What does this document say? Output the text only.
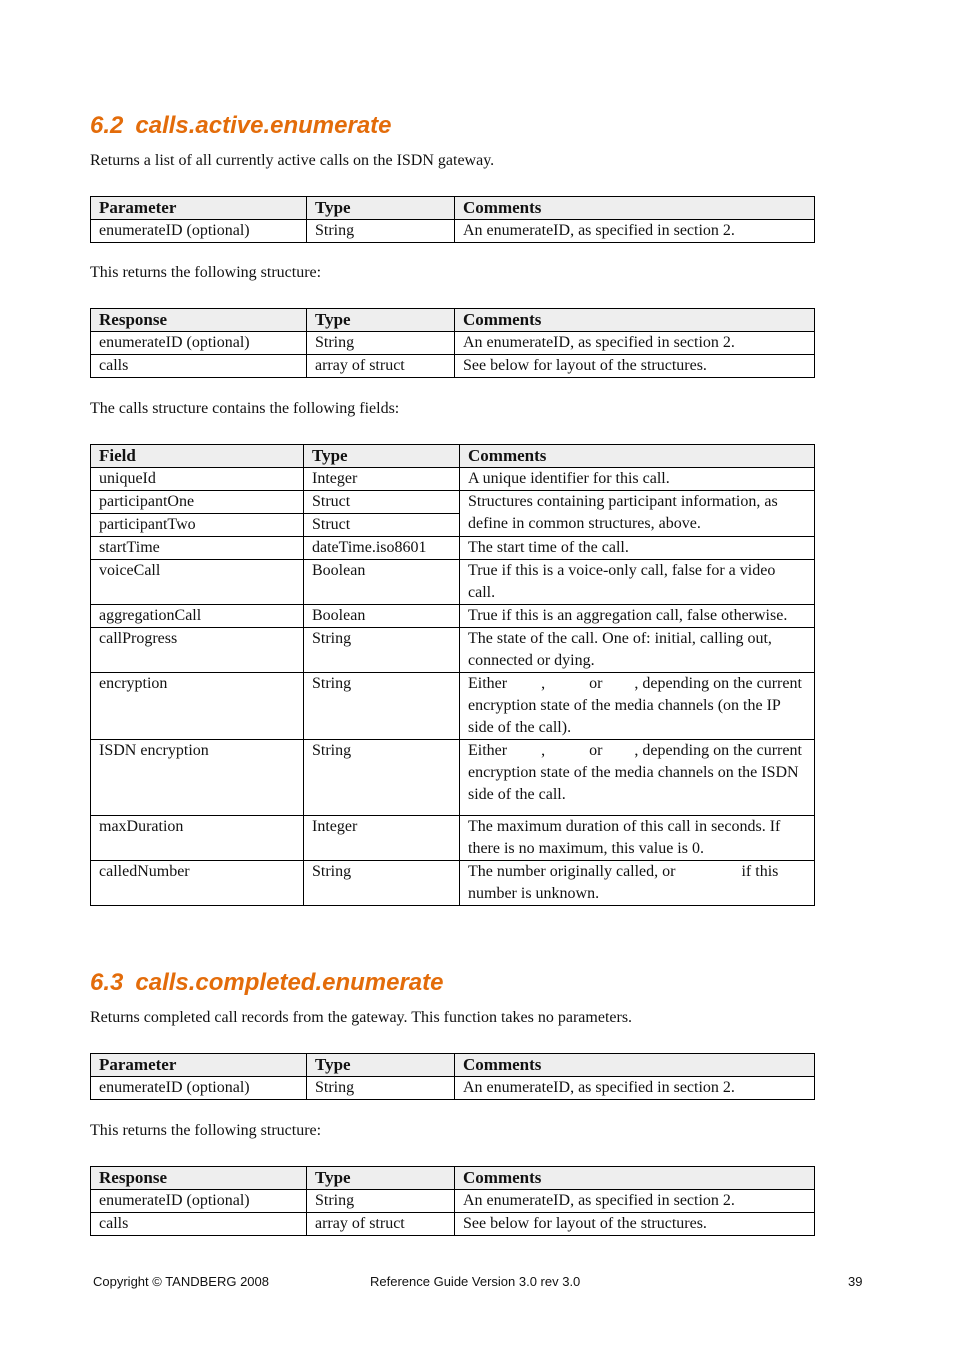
6.2 calls.active.enumerate

Returns a list of all currently active calls on the ISDN gateway.

Parameter	Type	Comments
enumerateID (optional)	String	An enumerateID, as specified in section 2.

This returns the following structure:

Response	Type	Comments
enumerateID (optional)	String	An enumerateID, as specified in section 2.
calls	array of struct	See below for layout of the structures.

The calls structure contains the following fields:

Field	Type	Comments
uniqueId	Integer	A unique identifier for this call.
participantOne	Struct	Structures containing participant information, as define in common structures, above.
participantTwo	Struct	
startTime	dateTime.iso8601	The start time of the call.
voiceCall	Boolean	True if this is a voice-only call, false for a video call.
aggregationCall	Boolean	True if this is an aggregation call, false otherwise.
callProgress	String	The state of the call. One of: initial, calling out, connected or dying.
encryption	String	Either , or , depending on the current encryption state of the media channels (on the IP side of the call).
ISDN encryption	String	Either , or , depending on the current encryption state of the media channels on the ISDN side of the call.
maxDuration	Integer	The maximum duration of this call in seconds. If there is no maximum, this value is 0.
calledNumber	String	The number originally called, or if this number is unknown.
6.3 calls.completed.enumerate

Returns completed call records from the gateway. This function takes no parameters.

Parameter	Type	Comments
enumerateID (optional)	String	An enumerateID, as specified in section 2.

This returns the following structure:

Response	Type	Comments
enumerateID (optional)	String	An enumerateID, as specified in section 2.
calls	array of struct	See below for layout of the structures.

Copyright © TANDBERG 2008	Reference Guide Version 3.0 rev 3.0	39
